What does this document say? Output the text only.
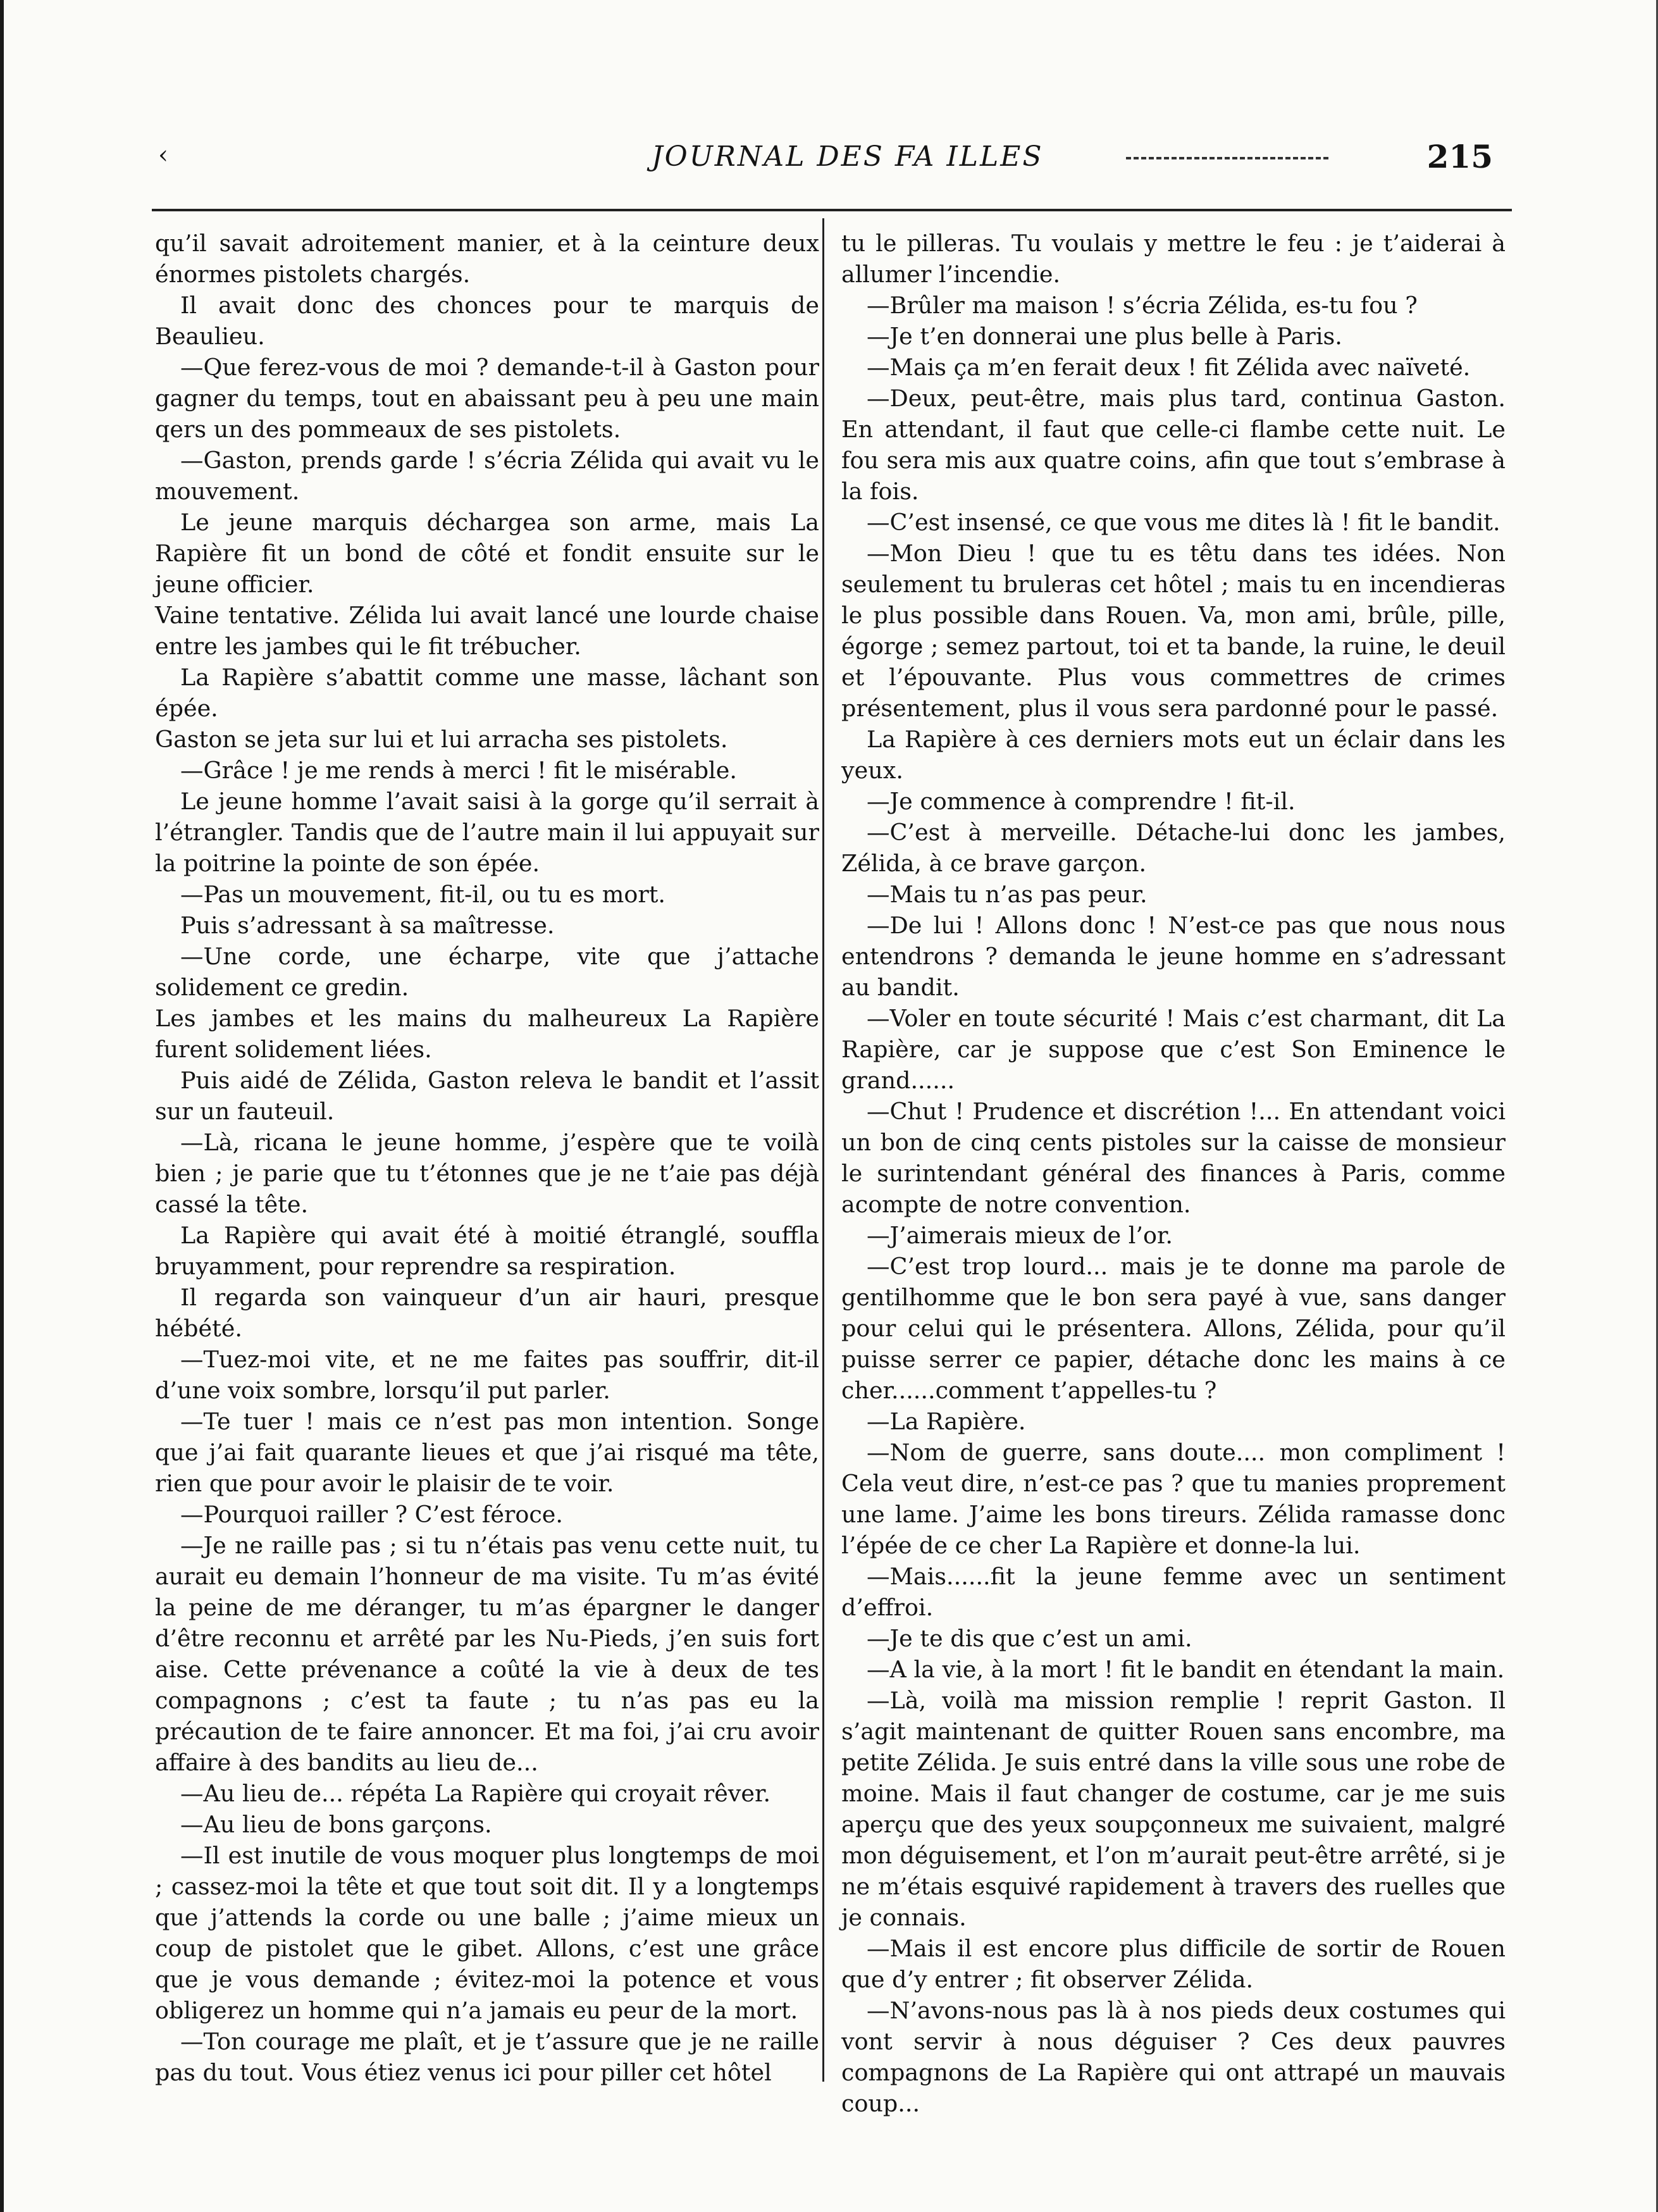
‹	JOURNAL DES FA ILLES	215

qu’il savait adroitement manier, et à la ceinture deux énormes pistolets chargés.

Il avait donc des chonces pour te marquis de Beaulieu.

—Que ferez-vous de moi ? demande-t-il à Gaston pour gagner du temps, tout en abaissant peu à peu une main qers un des pommeaux de ses pistolets.

—Gaston, prends garde ! s’écria Zélida qui avait vu le mouvement.

Le jeune marquis déchargea son arme, mais La Rapière fit un bond de côté et fondit ensuite sur le jeune officier.

Vaine tentative. Zélida lui avait lancé une lourde chaise entre les jambes qui le fit trébucher.

La Rapière s’abattit comme une masse, lâchant son épée.

Gaston se jeta sur lui et lui arracha ses pistolets.

—Grâce ! je me rends à merci ! fit le misérable.

Le jeune homme l’avait saisi à la gorge qu’il serrait à l’étrangler. Tandis que de l’autre main il lui appuyait sur la poitrine la pointe de son épée.

—Pas un mouvement, fit-il, ou tu es mort.

Puis s’adressant à sa maîtresse.

—Une corde, une écharpe, vite que j’attache solidement ce gredin.

Les jambes et les mains du malheureux La Rapière furent solidement liées.

Puis aidé de Zélida, Gaston releva le bandit et l’assit sur un fauteuil.

—Là, ricana le jeune homme, j’espère que te voilà bien ; je parie que tu t’étonnes que je ne t’aie pas déjà cassé la tête.

La Rapière qui avait été à moitié étranglé, souffla bruyamment, pour reprendre sa respiration.

Il regarda son vainqueur d’un air hauri, presque hébété.

—Tuez-moi vite, et ne me faites pas souffrir, dit-il d’une voix sombre, lorsqu’il put parler.

—Te tuer ! mais ce n’est pas mon intention. Songe que j’ai fait quarante lieues et que j’ai risqué ma tête, rien que pour avoir le plaisir de te voir.

—Pourquoi railler ? C’est féroce.

—Je ne raille pas ; si tu n’étais pas venu cette nuit, tu aurait eu demain l’honneur de ma visite. Tu m’as évité la peine de me déranger, tu m’as épargner le danger d’être reconnu et arrêté par les Nu-Pieds, j’en suis fort aise. Cette prévenance a coûté la vie à deux de tes compagnons ; c’est ta faute ; tu n’as pas eu la précaution de te faire annoncer. Et ma foi, j’ai cru avoir affaire à des bandits au lieu de...

—Au lieu de... répéta La Rapière qui croyait rêver.

—Au lieu de bons garçons.

—Il est inutile de vous moquer plus longtemps de moi ; cassez-moi la tête et que tout soit dit. Il y a longtemps que j’attends la corde ou une balle ; j’aime mieux un coup de pistolet que le gibet. Allons, c’est une grâce que je vous demande ; évitez-moi la potence et vous obligerez un homme qui n’a jamais eu peur de la mort.

—Ton courage me plaît, et je t’assure que je ne raille pas du tout. Vous étiez venus ici pour piller cet hôtel

tu le pilleras. Tu voulais y mettre le feu : je t’aiderai à allumer l’incendie.

—Brûler ma maison ! s’écria Zélida, es-tu fou ?

—Je t’en donnerai une plus belle à Paris.

—Mais ça m’en ferait deux ! fit Zélida avec naïveté.

—Deux, peut-être, mais plus tard, continua Gaston. En attendant, il faut que celle-ci flambe cette nuit. Le fou sera mis aux quatre coins, afin que tout s’embrase à la fois.

—C’est insensé, ce que vous me dites là ! fit le bandit.

—Mon Dieu ! que tu es têtu dans tes idées. Non seulement tu bruleras cet hôtel ; mais tu en incendieras le plus possible dans Rouen. Va, mon ami, brûle, pille, égorge ; semez partout, toi et ta bande, la ruine, le deuil et l’épouvante. Plus vous commettres de crimes présentement, plus il vous sera pardonné pour le passé.

La Rapière à ces derniers mots eut un éclair dans les yeux.

—Je commence à comprendre ! fit-il.

—C’est à merveille. Détache-lui donc les jambes, Zélida, à ce brave garçon.

—Mais tu n’as pas peur.

—De lui ! Allons donc ! N’est-ce pas que nous nous entendrons ? demanda le jeune homme en s’adressant au bandit.

—Voler en toute sécurité ! Mais c’est charmant, dit La Rapière, car je suppose que c’est Son Eminence le grand......

—Chut ! Prudence et discrétion !... En attendant voici un bon de cinq cents pistoles sur la caisse de monsieur le surintendant général des finances à Paris, comme acompte de notre convention.

—J’aimerais mieux de l’or.

—C’est trop lourd... mais je te donne ma parole de gentilhomme que le bon sera payé à vue, sans danger pour celui qui le présentera. Allons, Zélida, pour qu’il puisse serrer ce papier, détache donc les mains à ce cher......comment t’appelles-tu ?

—La Rapière.

—Nom de guerre, sans doute.... mon compliment ! Cela veut dire, n’est-ce pas ? que tu manies proprement une lame. J’aime les bons tireurs. Zélida ramasse donc l’épée de ce cher La Rapière et donne-la lui.

—Mais......fit la jeune femme avec un sentiment d’effroi.

—Je te dis que c’est un ami.

—A la vie, à la mort ! fit le bandit en étendant la main.

—Là, voilà ma mission remplie ! reprit Gaston. Il s’agit maintenant de quitter Rouen sans encombre, ma petite Zélida. Je suis entré dans la ville sous une robe de moine. Mais il faut changer de costume, car je me suis aperçu que des yeux soupçonneux me suivaient, malgré mon déguisement, et l’on m’aurait peut-être arrêté, si je ne m’étais esquivé rapidement à travers des ruelles que je connais.

—Mais il est encore plus difficile de sortir de Rouen que d’y entrer ; fit observer Zélida.

—N’avons-nous pas là à nos pieds deux costumes qui vont servir à nous déguiser ? Ces deux pauvres compagnons de La Rapière qui ont attrapé un mauvais coup...
